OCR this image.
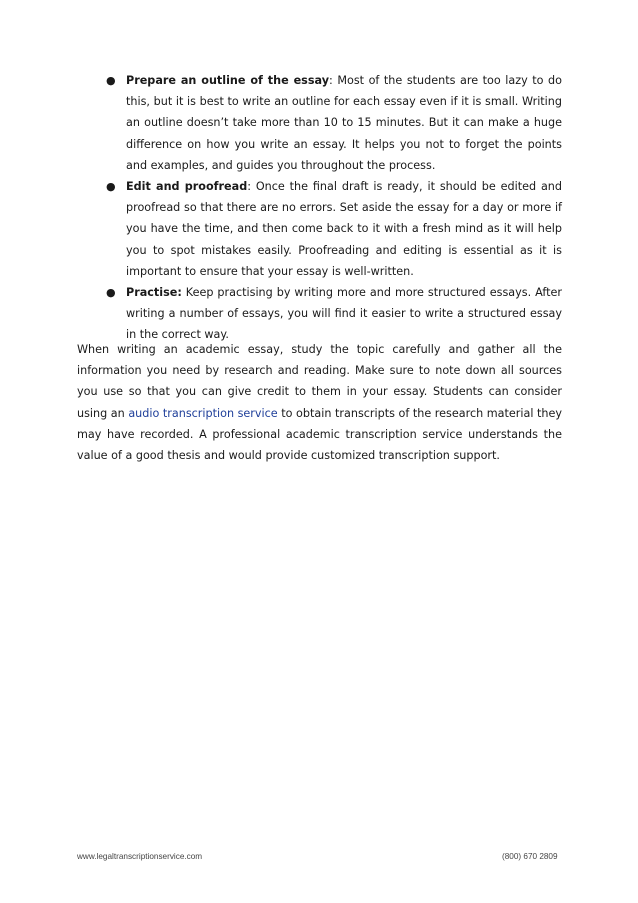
● Prepare an outline of the essay: Most of the students are too lazy to do this, but it is best to write an outline for each essay even if it is small. Writing an outline doesn’t take more than 10 to 15 minutes. But it can make a huge difference on how you write an essay. It helps you not to forget the points and examples, and guides you throughout the process.
● Edit and proofread: Once the final draft is ready, it should be edited and proofread so that there are no errors. Set aside the essay for a day or more if you have the time, and then come back to it with a fresh mind as it will help you to spot mistakes easily. Proofreading and editing is essential as it is important to ensure that your essay is well-written.
● Practise: Keep practising by writing more and more structured essays. After writing a number of essays, you will find it easier to write a structured essay in the correct way.

When writing an academic essay, study the topic carefully and gather all the information you need by research and reading. Make sure to note down all sources you use so that you can give credit to them in your essay. Students can consider using an audio transcription service to obtain transcripts of the research material they may have recorded. A professional academic transcription service understands the value of a good thesis and would provide customized transcription support.

www.legaltranscriptionservice.com	(800) 670 2809
